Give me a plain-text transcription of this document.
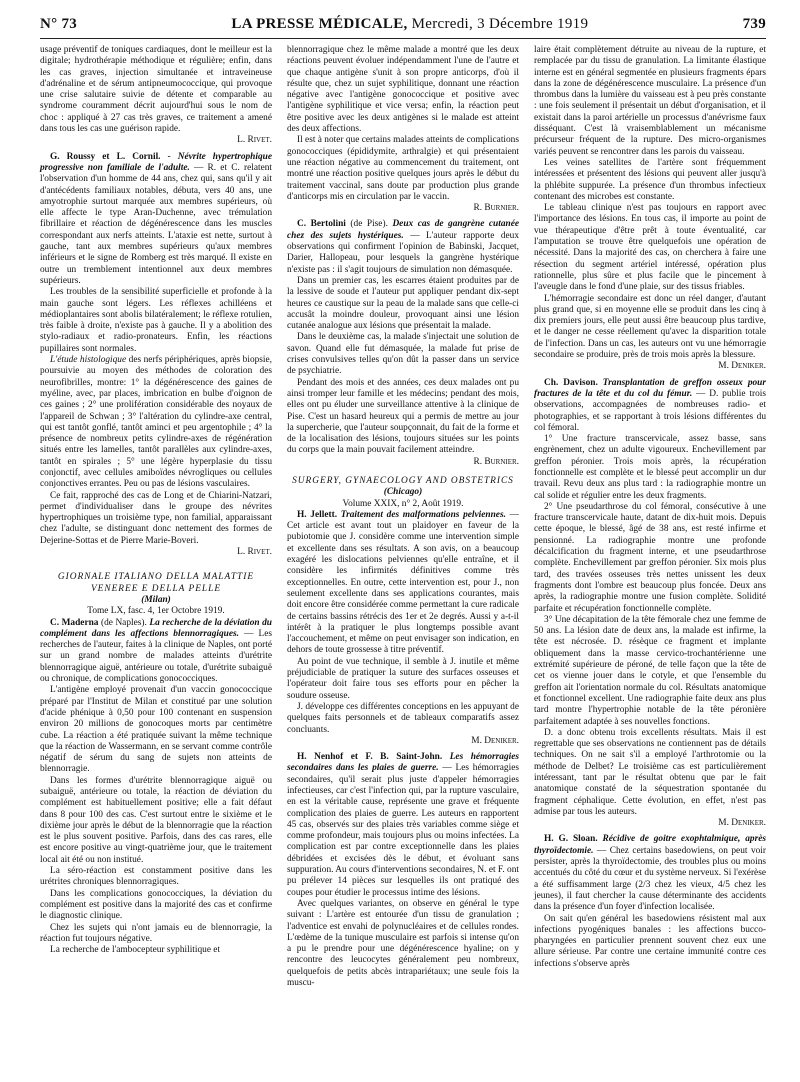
N° 73	LA PRESSE MÉDICALE, Mercredi, 3 Décembre 1919	739

usage préventif de toniques cardiaques, dont le meilleur est la digitale; hydrothérapie méthodique et régulière; enfin, dans les cas graves, injection simultanée et intraveineuse d'adrénaline et de sérum antipneumococcique, qui provoque une crise salutaire suivie de détente et comparable au syndrome couramment décrit aujourd'hui sous le nom de choc : appliqué à 27 cas très graves, ce traitement a amené dans tous les cas une guérison rapide.

L. Rivet.

G. Roussy et L. Cornil. - Névrite hypertrophique progressive non familiale de l'adulte. — R. et C. relatent l'observation d'un homme de 44 ans, chez qui, sans qu'il y ait d'antécédents familiaux notables, débuta, vers 40 ans, une amyotrophie surtout marquée aux membres supérieurs, où elle affecte le type Aran-Duchenne, avec trémulation fibrillaire et réaction de dégénérescence dans les muscles correspondant aux nerfs atteints. L'ataxie est nette, surtout à gauche, tant aux membres supérieurs qu'aux membres inférieurs et le signe de Romberg est très marqué. Il existe en outre un tremblement intentionnel aux deux membres supérieurs.

Les troubles de la sensibilité superficielle et profonde à la main gauche sont légers. Les réflexes achilléens et médioplantaires sont abolis bilatéralement; le réflexe rotulien, très faible à droite, n'existe pas à gauche. Il y a abolition des stylo-radiaux et radio-pronateurs. Enfin, les réactions pupillaires sont normales.

L'étude histologique des nerfs périphériques, après biopsie, poursuivie au moyen des méthodes de coloration des neurofibrilles, montre: 1° la dégénérescence des gaines de myéline, avec, par places, imbrication en bulbe d'oignon de ces gaines ; 2° une prolifération considérable des noyaux de l'appareil de Schwan ; 3° l'altération du cylindre-axe central, qui est tantôt gonflé, tantôt aminci et peu argentophile ; 4° la présence de nombreux petits cylindre-axes de régénération situés entre les lamelles, tantôt parallèles aux cylindre-axes, tantôt en spirales ; 5° une légère hyperplasie du tissu conjonctif, avec cellules amiboïdes névrogliques ou cellules conjonctives errantes. Peu ou pas de lésions vasculaires.

Ce fait, rapproché des cas de Long et de Chiarini-Natzari, permet d'individualiser dans le groupe des névrites hypertrophiques un troisième type, non familial, apparaissant chez l'adulte, se distinguant donc nettement des formes de Dejerine-Sottas et de Pierre Marie-Boveri.

L. Rivet.

GIORNALE ITALIANO DELLA MALATTIE VENEREE E DELLA PELLE

(Milan)

Tome LX, fasc. 4, 1er Octobre 1919.

C. Maderna (de Naples). La recherche de la déviation du complément dans les affections blennorragiques. — Les recherches de l'auteur, faites à la clinique de Naples, ont porté sur un grand nombre de malades atteints d'urétrite blennorragique aiguë, antérieure ou totale, d'urétrite subaiguë ou chronique, de complications gonococciques.

L'antigène employé provenait d'un vaccin gonococcique préparé par l'Institut de Milan et constitué par une solution d'acide phénique à 0,50 pour 100 contenant en suspension environ 20 millions de gonocoques morts par centimètre cube. La réaction a été pratiquée suivant la même technique que la réaction de Wassermann, en se servant comme contrôle négatif de sérum du sang de sujets non atteints de blennorragie.

Dans les formes d'urétrite blennorragique aiguë ou subaiguë, antérieure ou totale, la réaction de déviation du complément est habituellement positive; elle a fait défaut dans 8 pour 100 des cas. C'est surtout entre le sixième et le dixième jour après le début de la blennorragie que la réaction est le plus souvent positive. Parfois, dans des cas rares, elle est encore positive au vingt-quatrième jour, que le traitement local ait été ou non institué.

La séro-réaction est constamment positive dans les urétrites chroniques blennorragiques.

Dans les complications gonococciques, la déviation du complément est positive dans la majorité des cas et confirme le diagnostic clinique.

Chez les sujets qui n'ont jamais eu de blennorragie, la réaction fut toujours négative.

La recherche de l'ambocepteur syphilitique et

blennorragique chez le même malade a montré que les deux réactions peuvent évoluer indépendamment l'une de l'autre et que chaque antigène s'unit à son propre anticorps, d'où il résulte que, chez un sujet syphilitique, donnant une réaction négative avec l'antigène gonococcique et positive avec l'antigène syphilitique et vice versa; enfin, la réaction peut être positive avec les deux antigènes si le malade est atteint des deux affections.

Il est à noter que certains malades atteints de complications gonococciques (épididymite, arthralgie) et qui présentaient une réaction négative au commencement du traitement, ont montré une réaction positive quelques jours après le début du traitement vaccinal, sans doute par production plus grande d'anticorps mis en circulation par le vaccin.

R. Burnier.

C. Bertolini (de Pise). Deux cas de gangrène cutanée chez des sujets hystériques. — L'auteur rapporte deux observations qui confirment l'opinion de Babinski, Jacquet, Darier, Hallopeau, pour lesquels la gangrène hystérique n'existe pas : il s'agit toujours de simulation non démasquée.

Dans un premier cas, les escarres étaient produites par de la lessive de soude et l'auteur put appliquer pendant dix-sept heures ce caustique sur la peau de la malade sans que celle-ci accusât la moindre douleur, provoquant ainsi une lésion cutanée analogue aux lésions que présentait la malade.

Dans le deuxième cas, la malade s'injectait une solution de savon. Quand elle fut démasquée, la malade fut prise de crises convulsives telles qu'on dût la passer dans un service de psychiatrie.

Pendant des mois et des années, ces deux malades ont pu ainsi tromper leur famille et les médecins; pendant des mois, elles ont pu éluder une surveillance attentive à la clinique de Pise. C'est un hasard heureux qui a permis de mettre au jour la supercherie, que l'auteur soupçonnait, du fait de la forme et de la localisation des lésions, toujours situées sur les points du corps que la main pouvait facilement atteindre.

R. Burnier.

SURGERY, GYNAECOLOGY AND OBSTETRICS

(Chicago)

Volume XXIX, n° 2, Août 1919.

H. Jellett. Traitement des malformations pelviennes. — Cet article est avant tout un plaidoyer en faveur de la pubiotomie que J. considère comme une intervention simple et excellente dans ses résultats. A son avis, on a beaucoup exagéré les dislocations pelviennes qu'elle entraîne, et il considère les infirmités définitives comme très exceptionnelles. En outre, cette intervention est, pour J., non seulement excellente dans ses applications courantes, mais doit encore être considérée comme permettant la cure radicale de certains bassins rétrécis des 1er et 2e degrés. Aussi y a-t-il intérêt à la pratiquer le plus longtemps possible avant l'accouchement, et même on peut envisager son indication, en dehors de toute grossesse à titre préventif.

Au point de vue technique, il semble à J. inutile et même préjudiciable de pratiquer la suture des surfaces osseuses et l'opérateur doit faire tous ses efforts pour en pêcher la soudure osseuse.

J. développe ces différentes conceptions en les appuyant de quelques faits personnels et de tableaux comparatifs assez concluants.

M. Deniker.

H. Nenhof et F. B. Saint-John. Les hémorragies secondaires dans les plaies de guerre. — Les hémorragies secondaires, qu'il serait plus juste d'appeler hémorragies infectieuses, car c'est l'infection qui, par la rupture vasculaire, en est la véritable cause, représente une grave et fréquente complication des plaies de guerre. Les auteurs en rapportent 45 cas, observés sur des plaies très variables comme siège et comme profondeur, mais toujours plus ou moins infectées. La complication est par contre exceptionnelle dans les plaies débridées et excisées dès le début, et évoluant sans suppuration. Au cours d'interventions secondaires, N. et F. ont pu prélever 14 pièces sur lesquelles ils ont pratiqué des coupes pour étudier le processus intime des lésions.

Avec quelques variantes, on observe en général le type suivant : L'artère est entourée d'un tissu de granulation ; l'adventice est envahi de polynucléaires et de cellules rondes. L'œdème de la tunique musculaire est parfois si intense qu'on a pu le prendre pour une dégénérescence hyaline; on y rencontre des leucocytes généralement peu nombreux, quelquefois de petits abcès intrapariétaux; une seule fois la muscu-

laire était complètement détruite au niveau de la rupture, et remplacée par du tissu de granulation. La limitante élastique interne est en général segmentée en plusieurs fragments épars dans la zone de dégénérescence musculaire. La présence d'un thrombus dans la lumière du vaisseau est à peu près constante : une fois seulement il présentait un début d'organisation, et il existait dans la paroi artérielle un processus d'anévrisme faux disséquant. C'est là vraisemblablement un mécanisme précurseur fréquent de la rupture. Des micro-organismes variés peuvent se rencontrer dans les parois du vaisseau.

Les veines satellites de l'artère sont fréquemment intéressées et présentent des lésions qui peuvent aller jusqu'à la phlébite suppurée. La présence d'un thrombus infectieux contenant des microbes est constante.

Le tableau clinique n'est pas toujours en rapport avec l'importance des lésions. En tous cas, il importe au point de vue thérapeutique d'être prêt à toute éventualité, car l'amputation se trouve être quelquefois une opération de nécessité. Dans la majorité des cas, on cherchera à faire une résection du segment artériel intéressé, opération plus rationnelle, plus sûre et plus facile que le pincement à l'aveugle dans le fond d'une plaie, sur des tissus friables.

L'hémorragie secondaire est donc un réel danger, d'autant plus grand que, si en moyenne elle se produit dans les cinq à dix premiers jours, elle peut aussi être beaucoup plus tardive, et le danger ne cesse réellement qu'avec la disparition totale de l'infection. Dans un cas, les auteurs ont vu une hémorragie secondaire se produire, près de trois mois après la blessure.

M. Deniker.

Ch. Davison. Transplantation de greffon osseux pour fractures de la tête et du col du fémur. — D. publie trois observations, accompagnées de nombreuses radio- et photographies, et se rapportant à trois lésions différentes du col fémoral.

1° Une fracture transcervicale, assez basse, sans engrènement, chez un adulte vigoureux. Enchevillement par greffon péronier. Trois mois après, la récupération fonctionnelle est complète et le blessé peut accomplir un dur travail. Revu deux ans plus tard : la radiographie montre un cal solide et régulier entre les deux fragments.

2° Une pseudarthrose du col fémoral, consécutive à une fracture transcervicale haute, datant de dix-huit mois. Depuis cette époque, le blessé, âgé de 38 ans, est resté infirme et pensionné. La radiographie montre une profonde décalcification du fragment interne, et une pseudarthrose complète. Enchevillement par greffon péronier. Six mois plus tard, des travées osseuses très nettes unissent les deux fragments dont l'ombre est beaucoup plus foncée. Deux ans après, la radiographie montre une fusion complète. Solidité parfaite et récupération fonctionnelle complète.

3° Une décapitation de la tête fémorale chez une femme de 50 ans. La lésion date de deux ans, la malade est infirme, la tête est nécrosée. D. résèque ce fragment et implante obliquement dans la masse cervico-trochantérienne une extrémité supérieure de péroné, de telle façon que la tête de cet os vienne jouer dans le cotyle, et que l'ensemble du greffon ait l'orientation normale du col. Résultats anatomique et fonctionnel excellent. Une radiographie faite deux ans plus tard montre l'hypertrophie notable de la tête péronière parfaitement adaptée à ses nouvelles fonctions.

D. a donc obtenu trois excellents résultats. Mais il est regrettable que ses observations ne contiennent pas de détails techniques. On ne sait s'il a employé l'arthrotomie ou la méthode de Delbet? Le troisième cas est particulièrement intéressant, tant par le résultat obtenu que par le fait anatomique constaté de la séquestration spontanée du fragment céphalique. Cette évolution, en effet, n'est pas admise par tous les auteurs.

M. Deniker.

H. G. Sloan. Récidive de goitre exophtalmique, après thyroïdectomie. — Chez certains basedowiens, on peut voir persister, après la thyroïdectomie, des troubles plus ou moins accentués du côté du cœur et du système nerveux. Si l'exérèse a été suffisamment large (2/3 chez les vieux, 4/5 chez les jeunes), il faut chercher la cause déterminante des accidents dans la présence d'un foyer d'infection localisée.

On sait qu'en général les basedowiens résistent mal aux infections pyogéniques banales : les affections bucco-pharyngées en particulier prennent souvent chez eux une allure sérieuse. Par contre une certaine immunité contre ces infections s'observe après
